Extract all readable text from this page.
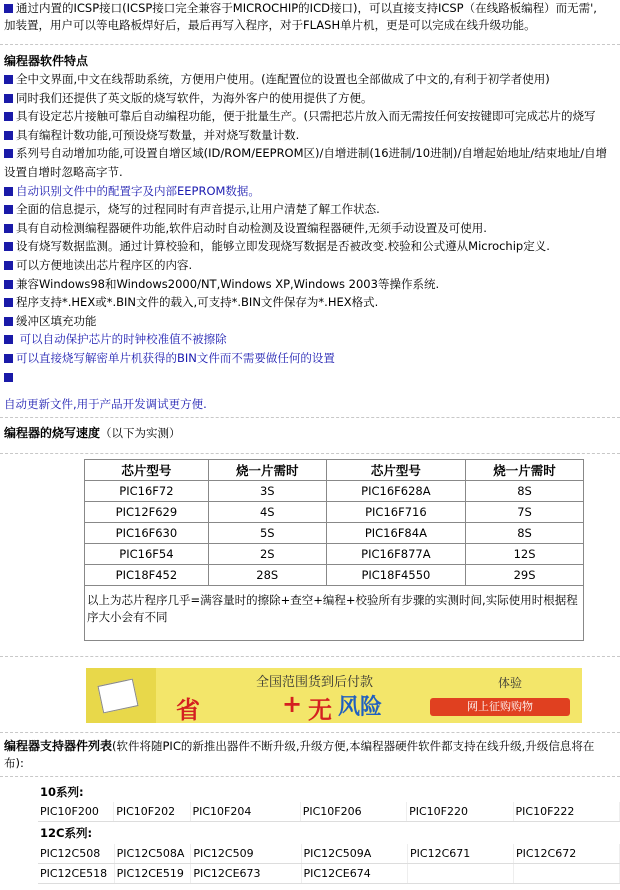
通过内置的ICSP接口(ICSP接口完全兼容于MICROCHIP的ICD接口)，可以直接支持ICSP（在线路板编程）而无需',
加装置，用户可以等电路板焊好后，最后再写入程序，对于FLASH单片机，更是可以完成在线升级功能。
编程器软件特点
全中文界面,中文在线帮助系统，方便用户使用。(连配置位的设置也全部做成了中文的,有利于初学者使用)
同时我们还提供了英文版的烧写软件，为海外客户的使用提供了方便。
具有设定芯片接触可靠后自动编程功能，便于批量生产。(只需把芯片放入而无需按任何安按键即可完成芯片的烧写
具有编程计数功能,可预设烧写数量，并对烧写数量计数.
系列号自动增加功能,可设置自增区域(ID/ROM/EEPROM区)/自增进制(16进制/10进制)/自增起始地址/结束地址/自增
设置自增时忽略高字节.
自动识别文件中的配置字及内部EEPROM数据。
全面的信息提示，烧写的过程同时有声音提示,让用户清楚了解工作状态.
具有自动检测编程器硬件功能,软件启动时自动检测及设置编程器硬件,无须手动设置及可使用.
设有烧写数据监测。通过计算校验和，能够立即发现烧写数据是否被改变.校验和公式遵从Microchip定义.
可以方便地读出芯片程序区的内容.
兼容Windows98和Windows2000/NT,Windows XP,Windows 2003等操作系统.
程序支持*.HEX或*.BIN文件的载入,可支持*.BIN文件保存为*.HEX格式.
缓冲区填充功能
可以自动保护芯片的时钟校准值不被擦除
可以直接烧写解密单片机获得的BIN文件而不需要做任何的设置
自动更新文件,用于产品开发调试更方便.
编程器的烧写速度（以下为实测）
芯片型号	烧一片需时	芯片型号	烧一片需时
PIC16F72	3S	PIC16F628A	8S
PIC12F629	4S	PIC16F716	7S
PIC16F630	5S	PIC16F84A	8S
PIC16F54	2S	PIC16F877A	12S
PIC18F452	28S	PIC18F4550	29S
以上为芯片程序几乎=满容量时的擦除+查空+编程+校验所有步骤的实测时间,实际使用时根据程序大小会有不同			
全国范围货到后付款
省	+ 无 风险
体验
网上征购购物
编程器支持器件列表(软件将随PIC的新推出器件不断升级,升级方便,本编程器硬件软件都支持在线升级,升级信息将在
布):
10系列:
PIC10F200	PIC10F202	PIC10F204	PIC10F206	PIC10F220	PIC10F222
12C系列:
PIC12C508	PIC12C508A	PIC12C509	PIC12C509A	PIC12C671	PIC12C672
PIC12CE518	PIC12CE519	PIC12CE673	PIC12CE674		
